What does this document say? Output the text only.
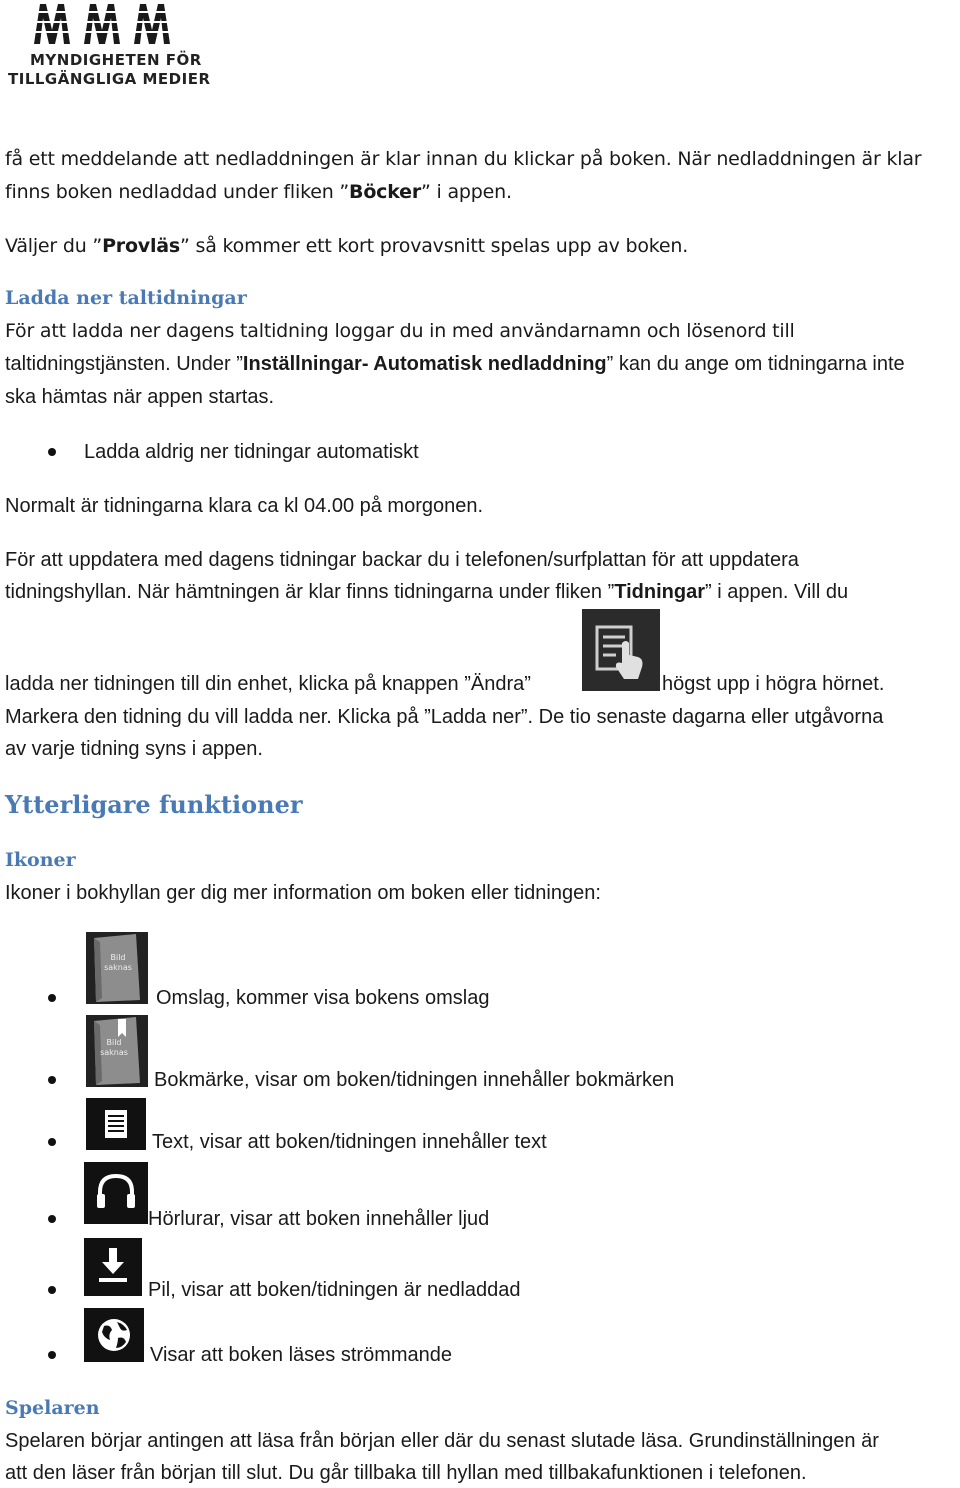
MYNDIGHETEN FÖR
TILLGÄNGLIGA MEDIER
få ett meddelande att nedladdningen är klar innan du klickar på boken. När nedladdningen är klar
finns boken nedladdad under fliken ”Böcker” i appen.
Väljer du ”Provläs” så kommer ett kort provavsnitt spelas upp av boken.
Ladda ner taltidningar
För att ladda ner dagens taltidning loggar du in med användarnamn och lösenord till
taltidningstjänsten. Under ”Inställningar- Automatisk nedladdning” kan du ange om tidningarna inte
ska hämtas när appen startas.
Ladda aldrig ner tidningar automatiskt
Normalt är tidningarna klara ca kl 04.00 på morgonen.
För att uppdatera med dagens tidningar backar du i telefonen/surfplattan för att uppdatera
tidningshyllan. När hämtningen är klar finns tidningarna under fliken ”Tidningar” i appen. Vill du
ladda ner tidningen till din enhet, klicka på knappen ”Ändra”	högst upp i högra hörnet.
Markera den tidning du vill ladda ner. Klicka på ”Ladda ner”. De tio senaste dagarna eller utgåvorna
av varje tidning syns i appen.
Ytterligare funktioner
Ikoner
Ikoner i bokhyllan ger dig mer information om boken eller tidningen:
Bild
saknas
Omslag, kommer visa bokens omslag
Bild
saknas
Bokmärke, visar om boken/tidningen innehåller bokmärken
Text, visar att boken/tidningen innehåller text
Hörlurar, visar att boken innehåller ljud
Pil, visar att boken/tidningen är nedladdad
Visar att boken läses strömmande
Spelaren
Spelaren börjar antingen att läsa från början eller där du senast slutade läsa. Grundinställningen är
att den läser från början till slut. Du går tillbaka till hyllan med tillbakafunktionen i telefonen.
